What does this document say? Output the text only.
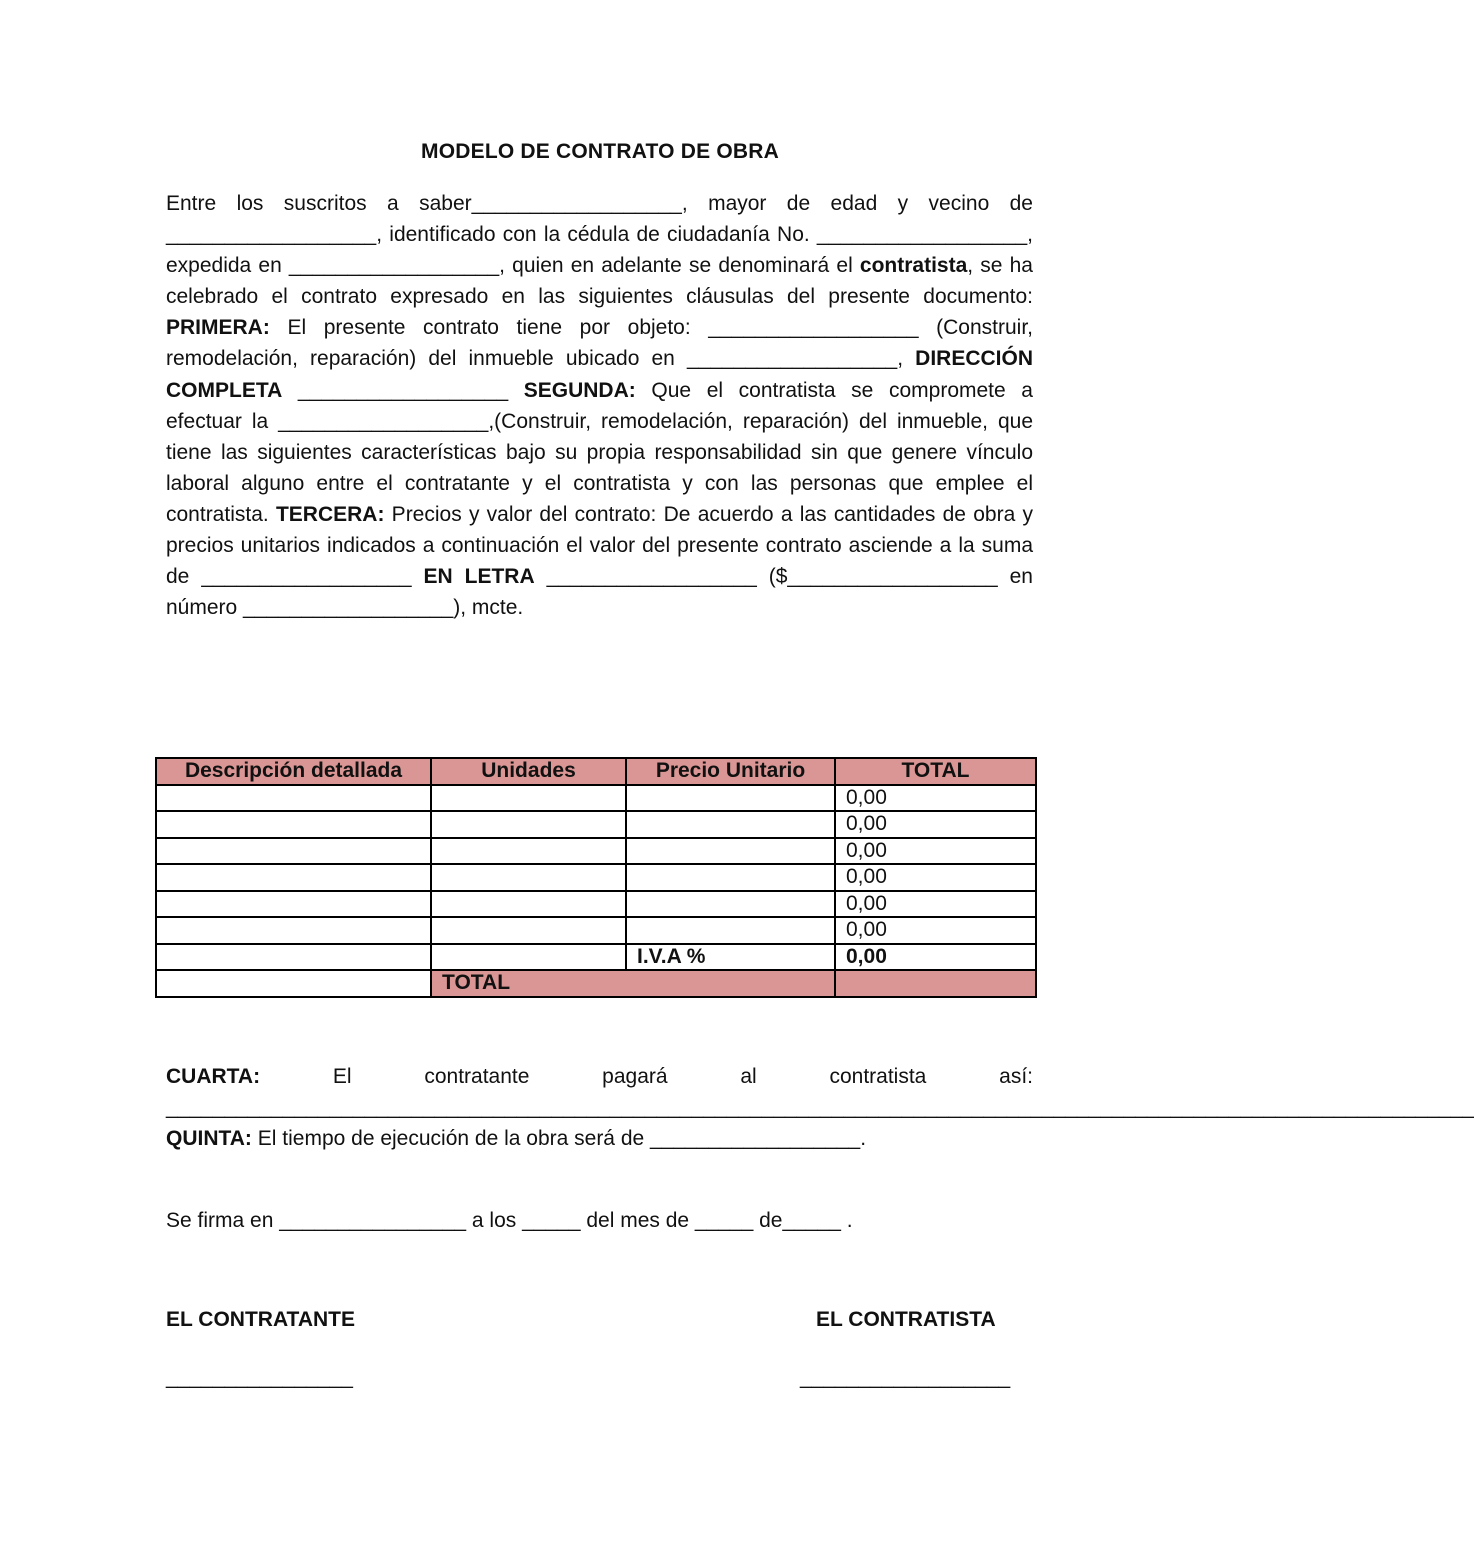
MODELO DE CONTRATO DE OBRA
Entre los suscritos a saber__________________, mayor de edad y vecino de __________________, identificado con la cédula de ciudadanía No. __________________, expedida en __________________, quien en adelante se denominará el contratista, se ha celebrado el contrato expresado en las siguientes cláusulas del presente documento: PRIMERA: El presente contrato tiene por objeto: __________________ (Construir, remodelación, reparación) del inmueble ubicado en __________________, DIRECCIÓN COMPLETA __________________ SEGUNDA: Que el contratista se compromete a efectuar la __________________,(Construir, remodelación, reparación) del inmueble, que tiene las siguientes características bajo su propia responsabilidad sin que genere vínculo laboral alguno entre el contratante y el contratista y con las personas que emplee el contratista. TERCERA: Precios y valor del contrato: De acuerdo a las cantidades de obra y precios unitarios indicados a continuación el valor del presente contrato asciende a la suma de __________________ EN LETRA __________________ ($__________________ en número __________________), mcte.
Descripción detallada	Unidades	Precio Unitario	TOTAL
			0,00
			0,00
			0,00
			0,00
			0,00
			0,00
		I.V.A %	0,00
	TOTAL		
CUARTA: El contratante pagará al contratista así: ________________________________________________________________________________________________________________ QUINTA: El tiempo de ejecución de la obra será de __________________.
Se firma en ________________ a los _____ del mes de _____ de_____ .
EL CONTRATANTE	EL CONTRATISTA
________________	__________________
